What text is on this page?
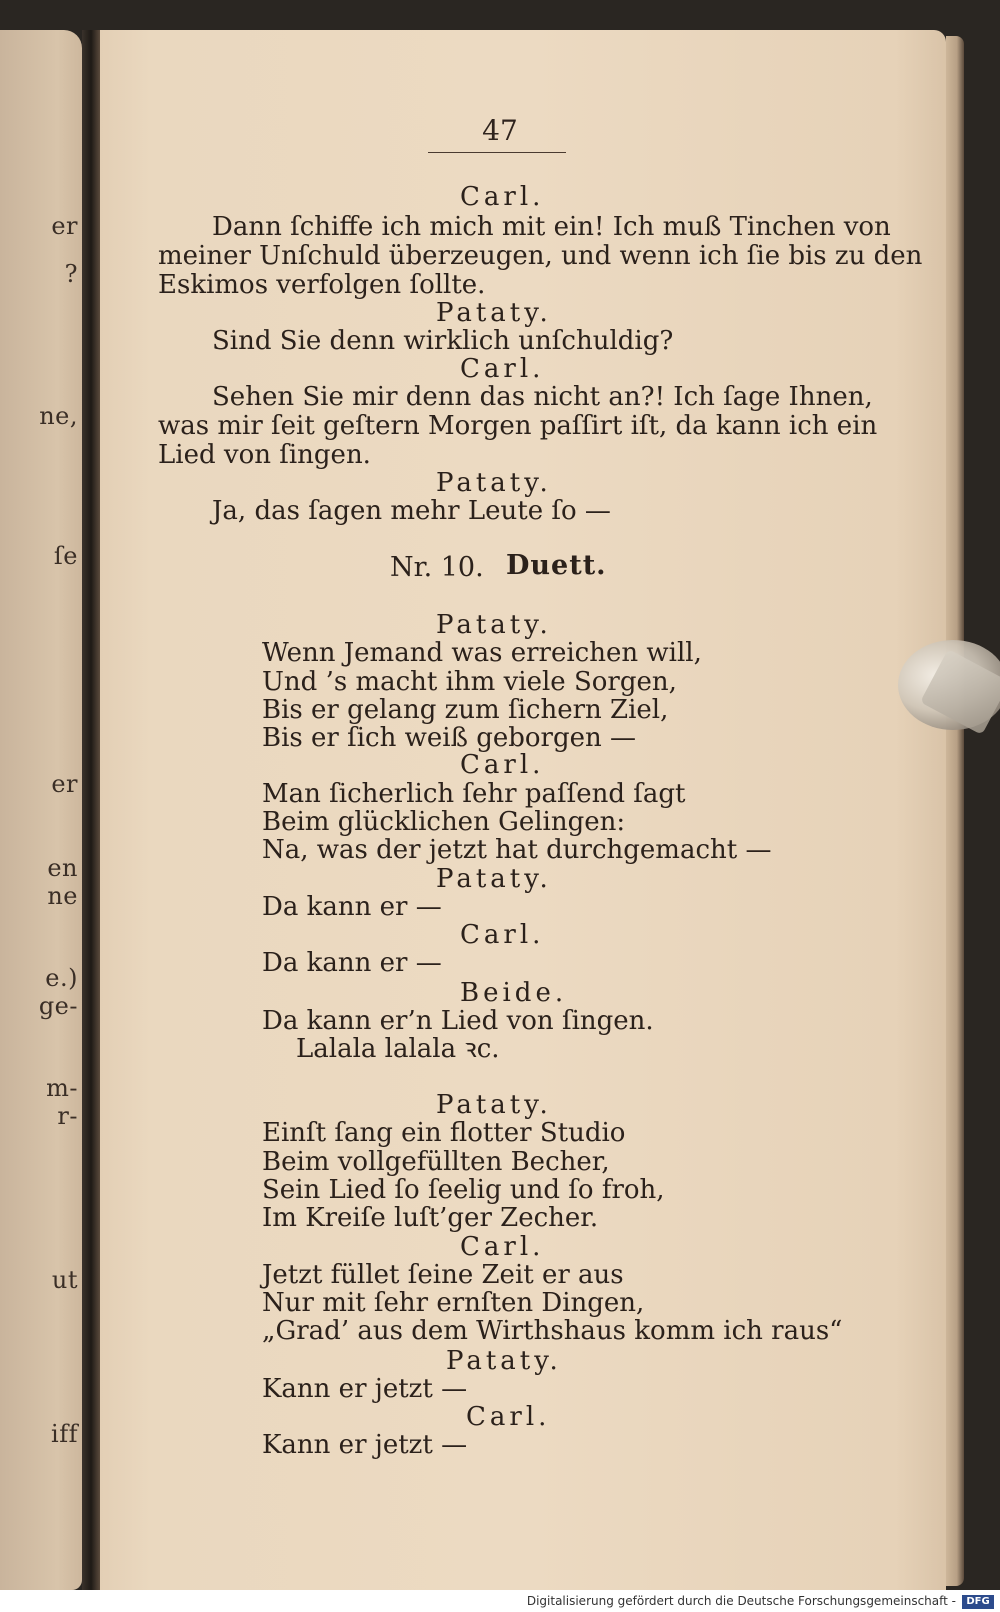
er
?
ne,
ſe
er
en
ne
e.)
ge-
m-
r-
ut
iff
47
Carl.
Dann ſchiffe ich mich mit ein! Ich muß Tinchen von
meiner Unſchuld überzeugen, und wenn ich ſie bis zu den
Eskimos verfolgen ſollte.
Pataty.
Sind Sie denn wirklich unſchuldig?
Carl.
Sehen Sie mir denn das nicht an?! Ich ſage Ihnen,
was mir ſeit geſtern Morgen paſſirt iſt, da kann ich ein
Lied von ſingen.
Pataty.
Ja, das ſagen mehr Leute ſo —
Nr. 10. Duett.
Pataty.
Wenn Jemand was erreichen will,
Und ’s macht ihm viele Sorgen,
Bis er gelang zum ſichern Ziel,
Bis er ſich weiß geborgen —
Carl.
Man ſicherlich ſehr paſſend ſagt
Beim glücklichen Gelingen:
Na, was der jetzt hat durchgemacht —
Pataty.
Da kann er —
Carl.
Da kann er —
Beide.
Da kann er’n Lied von ſingen.
Lalala lalala ꝛc.
Pataty.
Einſt ſang ein flotter Studio
Beim vollgefüllten Becher,
Sein Lied ſo ſeelig und ſo froh,
Im Kreiſe luſt’ger Zecher.
Carl.
Jetzt füllet ſeine Zeit er aus
Nur mit ſehr ernſten Dingen,
„Grad’ aus dem Wirthshaus komm ich raus“
Pataty.
Kann er jetzt —
Carl.
Kann er jetzt —
Digitalisierung gefördert durch die Deutsche Forschungsgemeinschaft -	DFG
